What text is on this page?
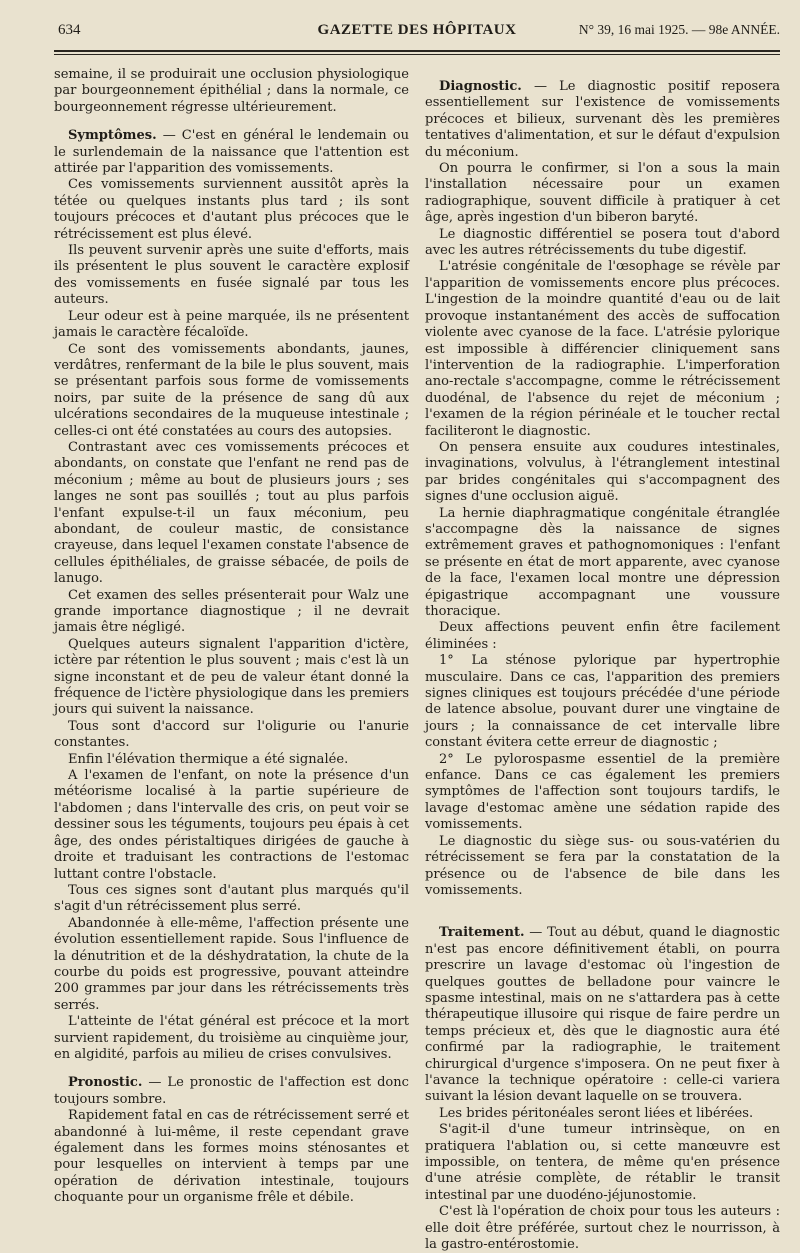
634	GAZETTE DES HÔPITAUX	N° 39, 16 mai 1925. — 98e ANNÉE.

semaine, il se produirait une occlusion physiologique par bourgeonnement épithélial ; dans la normale, ce bourgeonnement régresse ultérieurement.

Symptômes. — C'est en général le lendemain ou le surlendemain de la naissance que l'attention est attirée par l'apparition des vomissements.

Ces vomissements surviennent aussitôt après la tétée ou quelques instants plus tard ; ils sont toujours précoces et d'autant plus précoces que le rétrécissement est plus élevé.

Ils peuvent survenir après une suite d'efforts, mais ils présentent le plus souvent le caractère explosif des vomissements en fusée signalé par tous les auteurs.

Leur odeur est à peine marquée, ils ne présentent jamais le caractère fécaloïde.

Ce sont des vomissements abondants, jaunes, verdâtres, renfermant de la bile le plus souvent, mais se présentant parfois sous forme de vomissements noirs, par suite de la présence de sang dû aux ulcérations secondaires de la muqueuse intestinale ; celles-ci ont été constatées au cours des autopsies.

Contrastant avec ces vomissements précoces et abondants, on constate que l'enfant ne rend pas de méconium ; même au bout de plusieurs jours ; ses langes ne sont pas souillés ; tout au plus parfois l'enfant expulse-t-il un faux méconium, peu abondant, de couleur mastic, de consistance crayeuse, dans lequel l'examen constate l'absence de cellules épithéliales, de graisse sébacée, de poils de lanugo.

Cet examen des selles présenterait pour Walz une grande importance diagnostique ; il ne devrait jamais être négligé.

Quelques auteurs signalent l'apparition d'ictère, ictère par rétention le plus souvent ; mais c'est là un signe inconstant et de peu de valeur étant donné la fréquence de l'ictère physiologique dans les premiers jours qui suivent la naissance.

Tous sont d'accord sur l'oligurie ou l'anurie constantes.

Enfin l'élévation thermique a été signalée.

A l'examen de l'enfant, on note la présence d'un météorisme localisé à la partie supérieure de l'abdomen ; dans l'intervalle des cris, on peut voir se dessiner sous les téguments, toujours peu épais à cet âge, des ondes péristaltiques dirigées de gauche à droite et traduisant les contractions de l'estomac luttant contre l'obstacle.

Tous ces signes sont d'autant plus marqués qu'il s'agit d'un rétrécissement plus serré.

Abandonnée à elle-même, l'affection présente une évolution essentiellement rapide. Sous l'influence de la dénutrition et de la déshydratation, la chute de la courbe du poids est progressive, pouvant atteindre 200 grammes par jour dans les rétrécissements très serrés.

L'atteinte de l'état général est précoce et la mort survient rapidement, du troisième au cinquième jour, en algidité, parfois au milieu de crises convulsives.

Pronostic. — Le pronostic de l'affection est donc toujours sombre.

Rapidement fatal en cas de rétrécissement serré et abandonné à lui-même, il reste cependant grave également dans les formes moins sténosantes et pour lesquelles on intervient à temps par une opération de dérivation intestinale, toujours choquante pour un organisme frêle et débile.

Diagnostic. — Le diagnostic positif reposera essentiellement sur l'existence de vomissements précoces et bilieux, survenant dès les premières tentatives d'alimentation, et sur le défaut d'expulsion du méconium.

On pourra le confirmer, si l'on a sous la main l'installation nécessaire pour un examen radiographique, souvent difficile à pratiquer à cet âge, après ingestion d'un biberon baryté.

Le diagnostic différentiel se posera tout d'abord avec les autres rétrécissements du tube digestif.

L'atrésie congénitale de l'œsophage se révèle par l'apparition de vomissements encore plus précoces. L'ingestion de la moindre quantité d'eau ou de lait provoque instantanément des accès de suffocation violente avec cyanose de la face. L'atrésie pylorique est impossible à différencier cliniquement sans l'intervention de la radiographie. L'imperforation ano-rectale s'accompagne, comme le rétrécissement duodénal, de l'absence du rejet de méconium ; l'examen de la région périnéale et le toucher rectal faciliteront le diagnostic.

On pensera ensuite aux coudures intestinales, invaginations, volvulus, à l'étranglement intestinal par brides congénitales qui s'accompagnent des signes d'une occlusion aiguë.

La hernie diaphragmatique congénitale étranglée s'accompagne dès la naissance de signes extrêmement graves et pathognomoniques : l'enfant se présente en état de mort apparente, avec cyanose de la face, l'examen local montre une dépression épigastrique accompagnant une voussure thoracique.

Deux affections peuvent enfin être facilement éliminées :

1° La sténose pylorique par hypertrophie musculaire. Dans ce cas, l'apparition des premiers signes cliniques est toujours précédée d'une période de latence absolue, pouvant durer une vingtaine de jours ; la connaissance de cet intervalle libre constant évitera cette erreur de diagnostic ;

2° Le pylorospasme essentiel de la première enfance. Dans ce cas également les premiers symptômes de l'affection sont toujours tardifs, le lavage d'estomac amène une sédation rapide des vomissements.

Le diagnostic du siège sus- ou sous-vatérien du rétrécissement se fera par la constatation de la présence ou de l'absence de bile dans les vomissements.

Traitement. — Tout au début, quand le diagnostic n'est pas encore définitivement établi, on pourra prescrire un lavage d'estomac où l'ingestion de quelques gouttes de belladone pour vaincre le spasme intestinal, mais on ne s'attardera pas à cette thérapeutique illusoire qui risque de faire perdre un temps précieux et, dès que le diagnostic aura été confirmé par la radiographie, le traitement chirurgical d'urgence s'imposera. On ne peut fixer à l'avance la technique opératoire : celle-ci variera suivant la lésion devant laquelle on se trouvera.

Les brides péritonéales seront liées et libérées.

S'agit-il d'une tumeur intrinsèque, on en pratiquera l'ablation ou, si cette manœuvre est impossible, on tentera, de même qu'en présence d'une atrésie complète, de rétablir le transit intestinal par une duodéno-jéjunostomie.

C'est là l'opération de choix pour tous les auteurs : elle doit être préférée, surtout chez le nourrisson, à la gastro-entérostomie.
